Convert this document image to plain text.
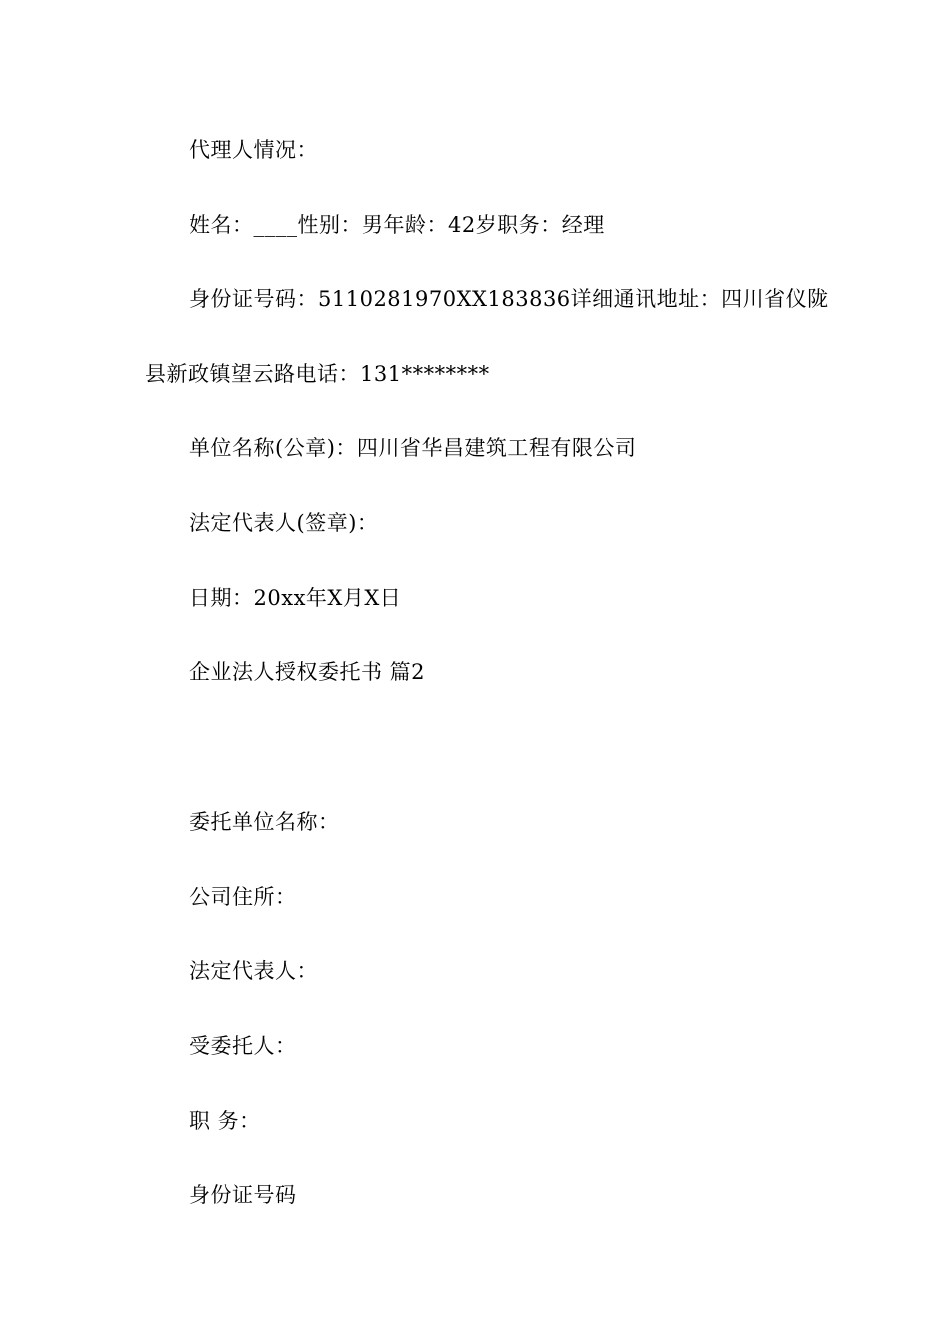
代理人情况：
姓名：____性别：男年龄：42岁职务：经理
身份证号码：5110281970XX183836详细通讯地址：四川省仪陇
县新政镇望云路电话：131********
单位名称(公章)：四川省华昌建筑工程有限公司
法定代表人(签章)：
日期：20xx年X月X日
企业法人授权委托书 篇2
委托单位名称：
公司住所：
法定代表人：
受委托人：
职 务：
身份证号码
